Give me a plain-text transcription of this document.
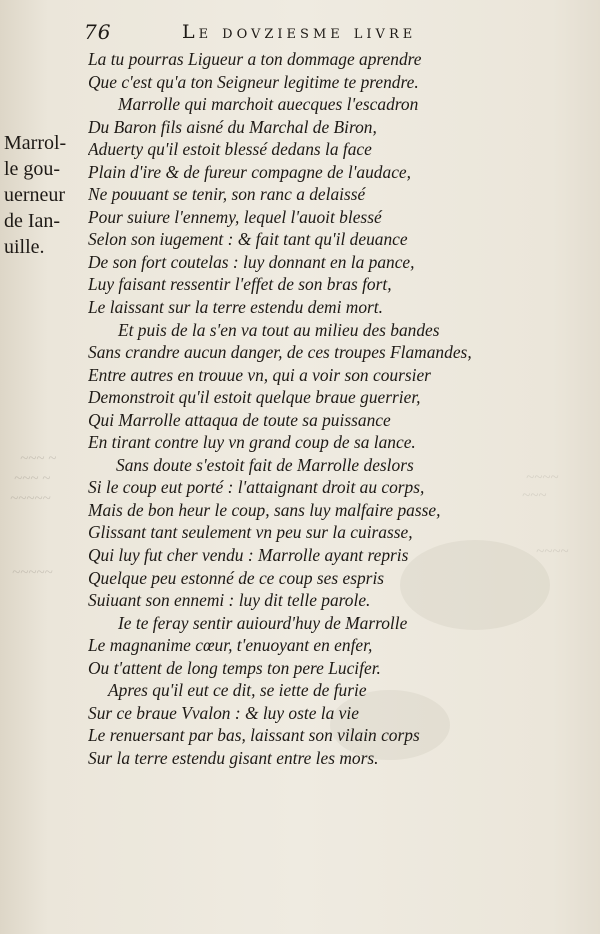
76	Le dovziesme livre
Marrol-
le gou-
uerneur
de Ian-
uille.
~~~ ~
~~~ ~
~~~~~
~~~~~
~~~~
~~~
~~~~
La tu pourras Ligueur a ton dommage aprendre
Que c'est qu'a ton Seigneur legitime te prendre.
Marrolle qui marchoit auecques l'escadron
Du Baron fils aisné du Marchal de Biron,
Aduerty qu'il estoit blessé dedans la face
Plain d'ire & de fureur compagne de l'audace,
Ne pouuant se tenir, son ranc a delaissé
Pour suiure l'ennemy, lequel l'auoit blessé
Selon son iugement : & fait tant qu'il deuance
De son fort coutelas : luy donnant en la pance,
Luy faisant ressentir l'effet de son bras fort,
Le laissant sur la terre estendu demi mort.
Et puis de la s'en va tout au milieu des bandes
Sans crandre aucun danger, de ces troupes Flamandes,
Entre autres en trouue vn, qui a voir son coursier
Demonstroit qu'il estoit quelque braue guerrier,
Qui Marrolle attaqua de toute sa puissance
En tirant contre luy vn grand coup de sa lance.
Sans doute s'estoit fait de Marrolle deslors
Si le coup eut porté : l'attaignant droit au corps,
Mais de bon heur le coup, sans luy malfaire passe,
Glissant tant seulement vn peu sur la cuirasse,
Qui luy fut cher vendu : Marrolle ayant repris
Quelque peu estonné de ce coup ses espris
Suiuant son ennemi : luy dit telle parole.
Ie te feray sentir auiourd'huy de Marrolle
Le magnanime cœur, t'enuoyant en enfer,
Ou t'attent de long temps ton pere Lucifer.
Apres qu'il eut ce dit, se iette de furie
Sur ce braue Vvalon : & luy oste la vie
Le renuersant par bas, laissant son vilain corps
Sur la terre estendu gisant entre les mors.
